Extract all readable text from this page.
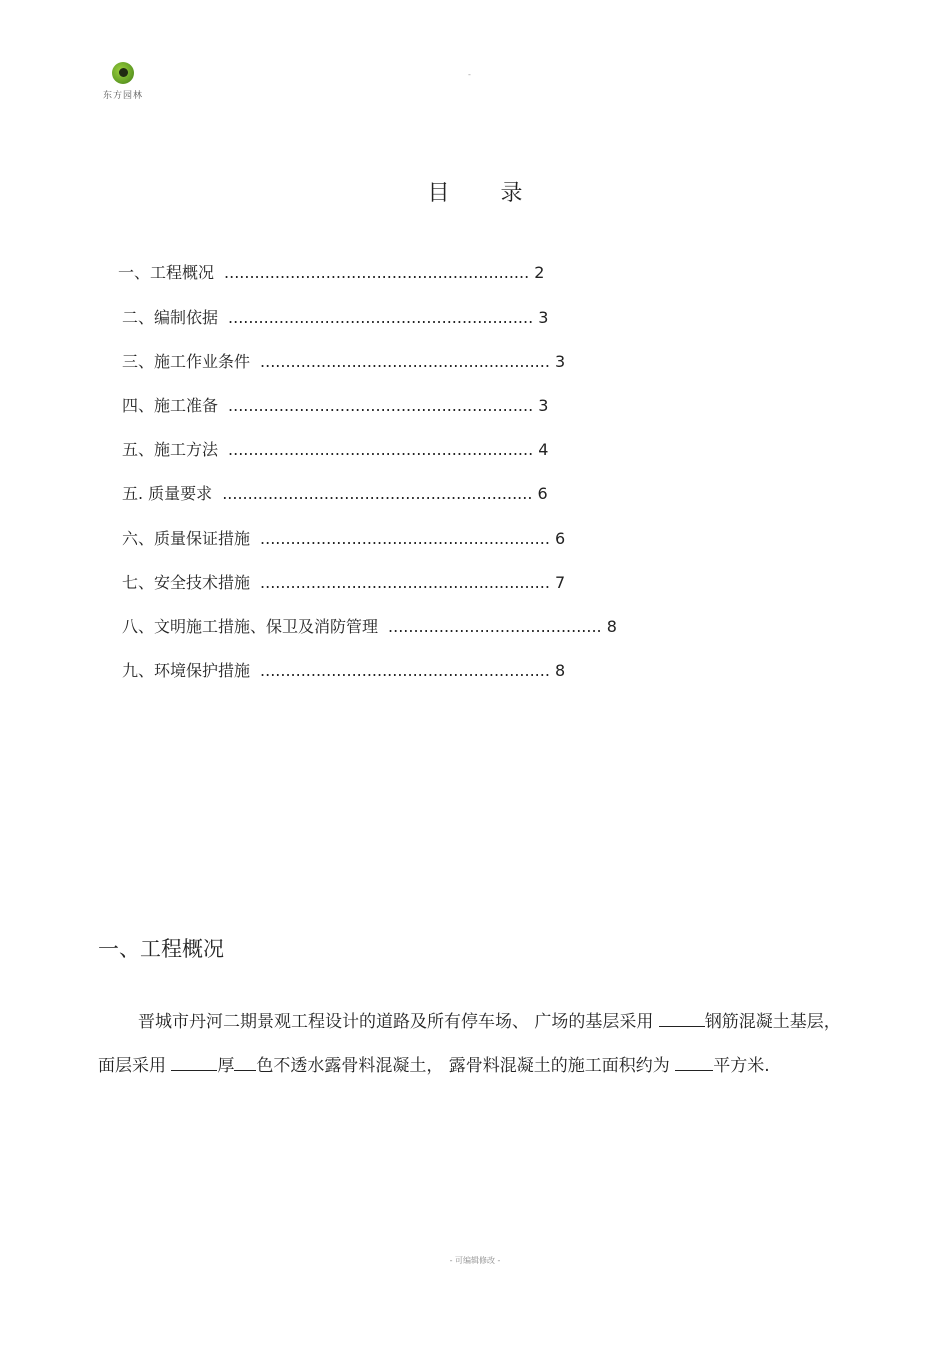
东方园林
-
目 录
一、工程概况 ............................................................ 2
二、编制依据 ............................................................ 3
三、施工作业条件 ......................................................... 3
四、施工准备 ............................................................ 3
五、施工方法 ............................................................ 4
五. 质量要求 ............................................................. 6
六、质量保证措施 ......................................................... 6
七、安全技术措施 ......................................................... 7
八、文明施工措施、保卫及消防管理 .......................................... 8
九、环境保护措施 ......................................................... 8
一、工程概况
晋城市丹河二期景观工程设计的道路及所有停车场、 广场的基层采用	钢筋混凝土基层，面层采用	厚 色不透水露骨料混凝土， 露骨料混凝土的施工面积约为	平方米.
- 可编辑修改 -
